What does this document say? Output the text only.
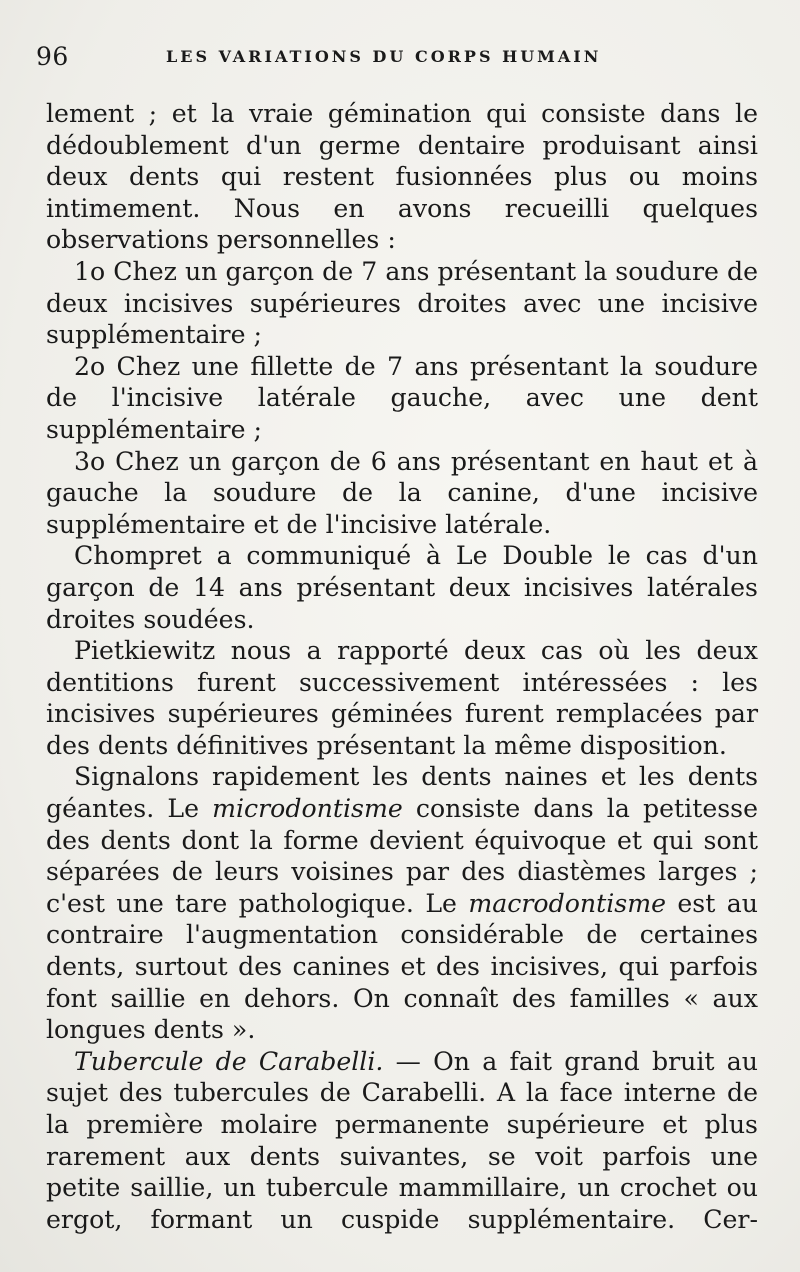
96	LES VARIATIONS DU CORPS HUMAIN

lement ; et la vraie gémination qui consiste dans le dédoublement d'un germe dentaire produisant ainsi deux dents qui restent fusionnées plus ou moins intimement. Nous en avons recueilli quelques observations personnelles :

1o Chez un garçon de 7 ans présentant la soudure de deux incisives supérieures droites avec une incisive supplémentaire ;

2o Chez une fillette de 7 ans présentant la soudure de l'incisive latérale gauche, avec une dent supplémentaire ;

3o Chez un garçon de 6 ans présentant en haut et à gauche la soudure de la canine, d'une incisive supplémentaire et de l'incisive latérale.

Chompret a communiqué à Le Double le cas d'un garçon de 14 ans présentant deux incisives latérales droites soudées.

Pietkiewitz nous a rapporté deux cas où les deux dentitions furent successivement intéressées : les incisives supérieures géminées furent remplacées par des dents définitives présentant la même disposition.

Signalons rapidement les dents naines et les dents géantes. Le microdontisme consiste dans la petitesse des dents dont la forme devient équivoque et qui sont séparées de leurs voisines par des diastèmes larges ; c'est une tare pathologique. Le macrodontisme est au contraire l'augmentation considérable de certaines dents, surtout des canines et des incisives, qui parfois font saillie en dehors. On connaît des familles « aux longues dents ».

Tubercule de Carabelli. — On a fait grand bruit au sujet des tubercules de Carabelli. A la face interne de la première molaire permanente supérieure et plus rarement aux dents suivantes, se voit parfois une petite saillie, un tubercule mammillaire, un crochet ou ergot, formant un cuspide supplémentaire. Cer-
